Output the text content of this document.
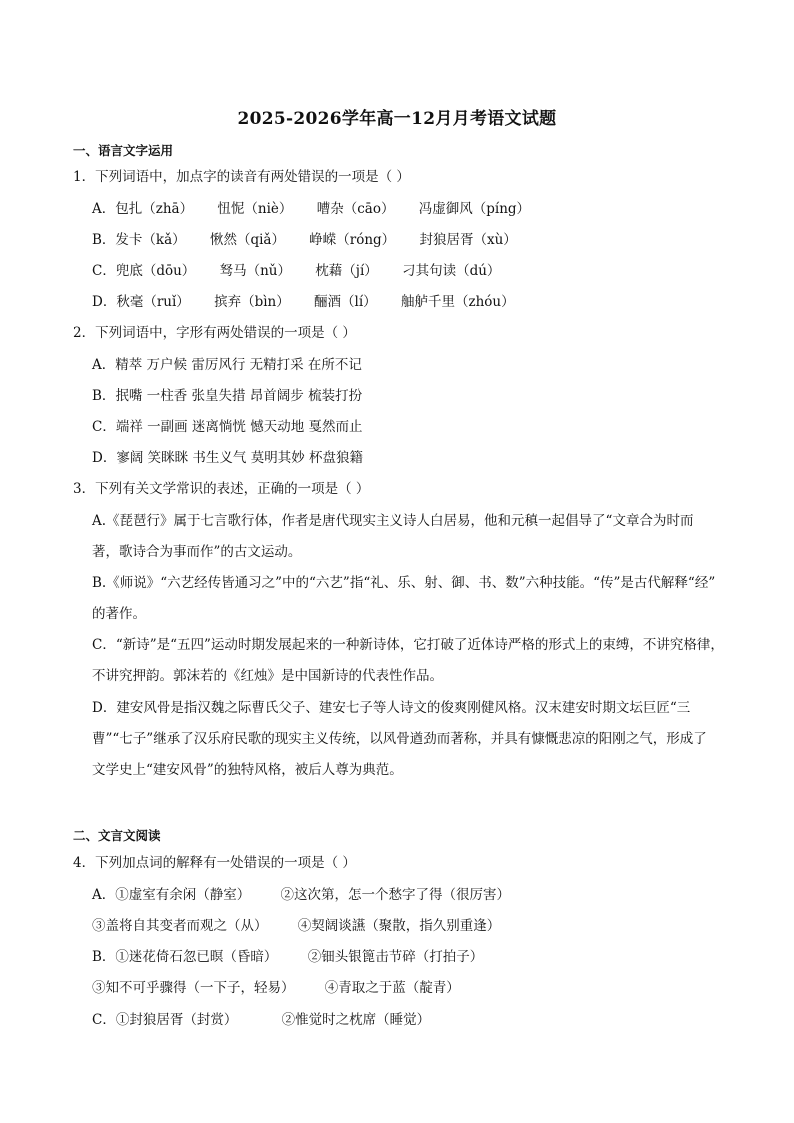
2025-2026学年高一12月月考语文试题
一、语言文字运用
1．下列词语中，加点字的读音有两处错误的一项是（ ）
A．包扎（zhā） 忸怩（niè） 嘈杂（cāo） 冯虚御风（píng）
B．发卡（kǎ） 愀然（qiǎ） 峥嵘（róng） 封狼居胥（xù）
C．兜底（dōu） 驽马（nǔ） 枕藉（jí） 刁其句读（dú）
D．秋毫（ruǐ） 摈弃（bìn） 酾酒（lí） 舳舻千里（zhóu）
2．下列词语中，字形有两处错误的一项是（ ）
A．精萃 万户候 雷厉风行 无精打采 在所不记
B．抿嘴 一柱香 张皇失措 昂首阔步 梳装打扮
C．端祥 一副画 迷离惝恍 憾天动地 戛然而止
D．寥阔 笑眯眯 书生义气 莫明其妙 杯盘狼籍
3．下列有关文学常识的表述，正确的一项是（ ）
A.《琵琶行》属于七言歌行体，作者是唐代现实主义诗人白居易，他和元稹一起倡导了“文章合为时而
著，歌诗合为事而作”的古文运动。
B.《师说》“六艺经传皆通习之”中的“六艺”指“礼、乐、射、御、书、数”六种技能。“传”是古代解释“经”
的著作。
C．“新诗”是“五四”运动时期发展起来的一种新诗体，它打破了近体诗严格的形式上的束缚，不讲究格律，
不讲究押韵。郭沫若的《红烛》是中国新诗的代表性作品。
D．建安风骨是指汉魏之际曹氏父子、建安七子等人诗文的俊爽刚健风格。汉末建安时期文坛巨匠“三
曹”“七子”继承了汉乐府民歌的现实主义传统，以风骨遒劲而著称，并具有慷慨悲凉的阳刚之气，形成了
文学史上“建安风骨”的独特风格，被后人尊为典范。
二、文言文阅读
4．下列加点词的解释有一处错误的一项是（ ）
A．①虚室有余闲（静室） ②这次第，怎一个愁字了得（很厉害）
③盖将自其变者而观之（从） ④契阔谈讌（聚散，指久别重逢）
B．①迷花倚石忽已暝（昏暗） ②钿头银篦击节碎（打拍子）
③知不可乎骤得（一下子，轻易） ④青取之于蓝（靛青）
C．①封狼居胥（封赏）	②惟觉时之枕席（睡觉）
